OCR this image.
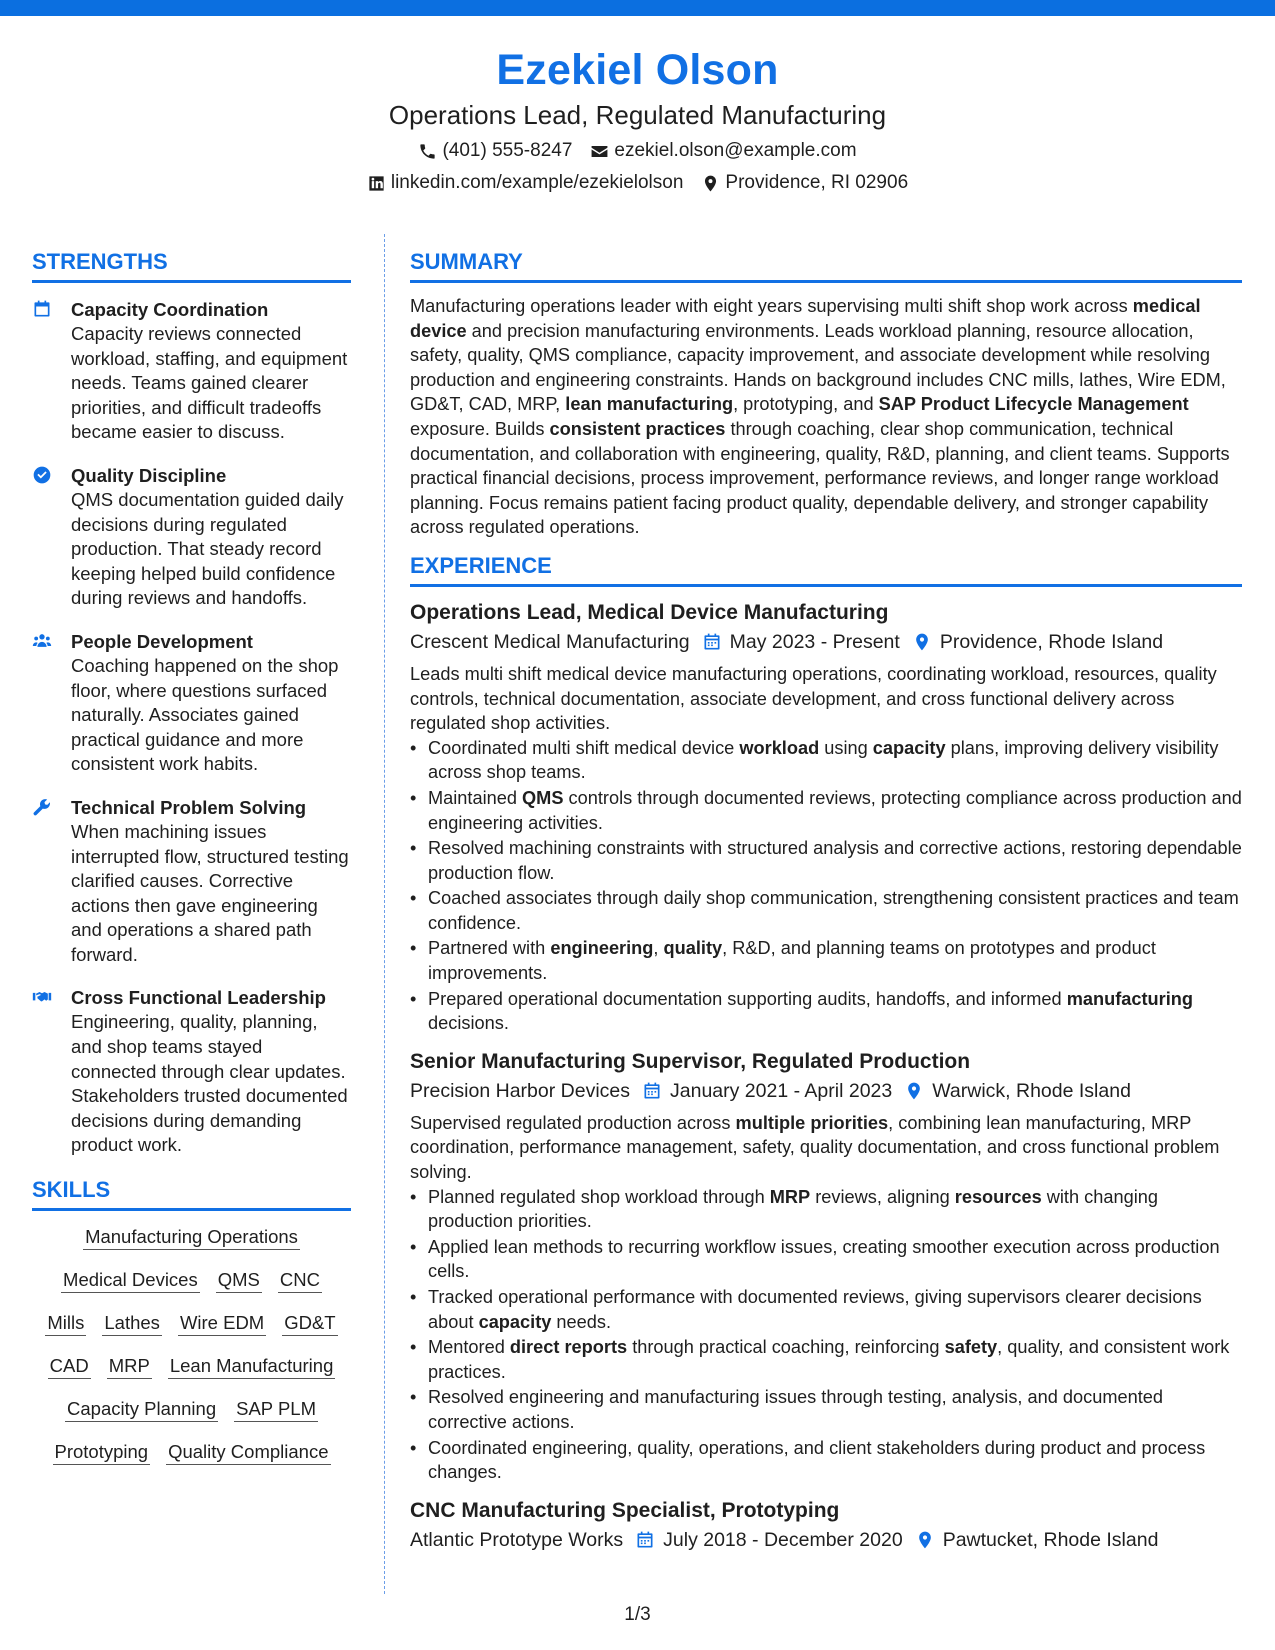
Ezekiel Olson
Operations Lead, Regulated Manufacturing
(401) 555-8247 ezekiel.olson@example.com
linkedin.com/example/ezekielolson Providence, RI 02906
STRENGTHS
Capacity Coordination
Capacity reviews connected workload, staffing, and equipment needs. Teams gained clearer priorities, and difficult tradeoffs became easier to discuss.
Quality Discipline
QMS documentation guided daily decisions during regulated production. That steady record keeping helped build confidence during reviews and handoffs.
People Development
Coaching happened on the shop floor, where questions surfaced naturally. Associates gained practical guidance and more consistent work habits.
Technical Problem Solving
When machining issues interrupted flow, structured testing clarified causes. Corrective actions then gave engineering and operations a shared path forward.
Cross Functional Leadership
Engineering, quality, planning, and shop teams stayed connected through clear updates. Stakeholders trusted documented decisions during demanding product work.
SKILLS
Manufacturing Operations
Medical Devices QMS CNC
Mills Lathes Wire EDM GD&T
CAD MRP Lean Manufacturing
Capacity Planning SAP PLM
Prototyping Quality Compliance
SUMMARY

Manufacturing operations leader with eight years supervising multi shift shop work across medical device and precision manufacturing environments. Leads workload planning, resource allocation, safety, quality, QMS compliance, capacity improvement, and associate development while resolving production and engineering constraints. Hands on background includes CNC mills, lathes, Wire EDM, GD&T, CAD, MRP, lean manufacturing, prototyping, and SAP Product Lifecycle Management exposure. Builds consistent practices through coaching, clear shop communication, technical documentation, and collaboration with engineering, quality, R&D, planning, and client teams. Supports practical financial decisions, process improvement, performance reviews, and longer range workload planning. Focus remains patient facing product quality, dependable delivery, and stronger capability across regulated operations.

EXPERIENCE
Operations Lead, Medical Device Manufacturing
Crescent Medical Manufacturing May 2023 - Present Providence, Rhode Island

Leads multi shift medical device manufacturing operations, coordinating workload, resources, quality controls, technical documentation, associate development, and cross functional delivery across regulated shop activities.

• Coordinated multi shift medical device workload using capacity plans, improving delivery visibility across shop teams.
• Maintained QMS controls through documented reviews, protecting compliance across production and engineering activities.
• Resolved machining constraints with structured analysis and corrective actions, restoring dependable production flow.
• Coached associates through daily shop communication, strengthening consistent practices and team confidence.
• Partnered with engineering, quality, R&D, and planning teams on prototypes and product improvements.
• Prepared operational documentation supporting audits, handoffs, and informed manufacturing decisions.
Senior Manufacturing Supervisor, Regulated Production
Precision Harbor Devices January 2021 - April 2023 Warwick, Rhode Island

Supervised regulated production across multiple priorities, combining lean manufacturing, MRP coordination, performance management, safety, quality documentation, and cross functional problem solving.

• Planned regulated shop workload through MRP reviews, aligning resources with changing production priorities.
• Applied lean methods to recurring workflow issues, creating smoother execution across production cells.
• Tracked operational performance with documented reviews, giving supervisors clearer decisions about capacity needs.
• Mentored direct reports through practical coaching, reinforcing safety, quality, and consistent work practices.
• Resolved engineering and manufacturing issues through testing, analysis, and documented corrective actions.
• Coordinated engineering, quality, operations, and client stakeholders during product and process changes.
CNC Manufacturing Specialist, Prototyping
Atlantic Prototype Works July 2018 - December 2020 Pawtucket, Rhode Island
1/3
